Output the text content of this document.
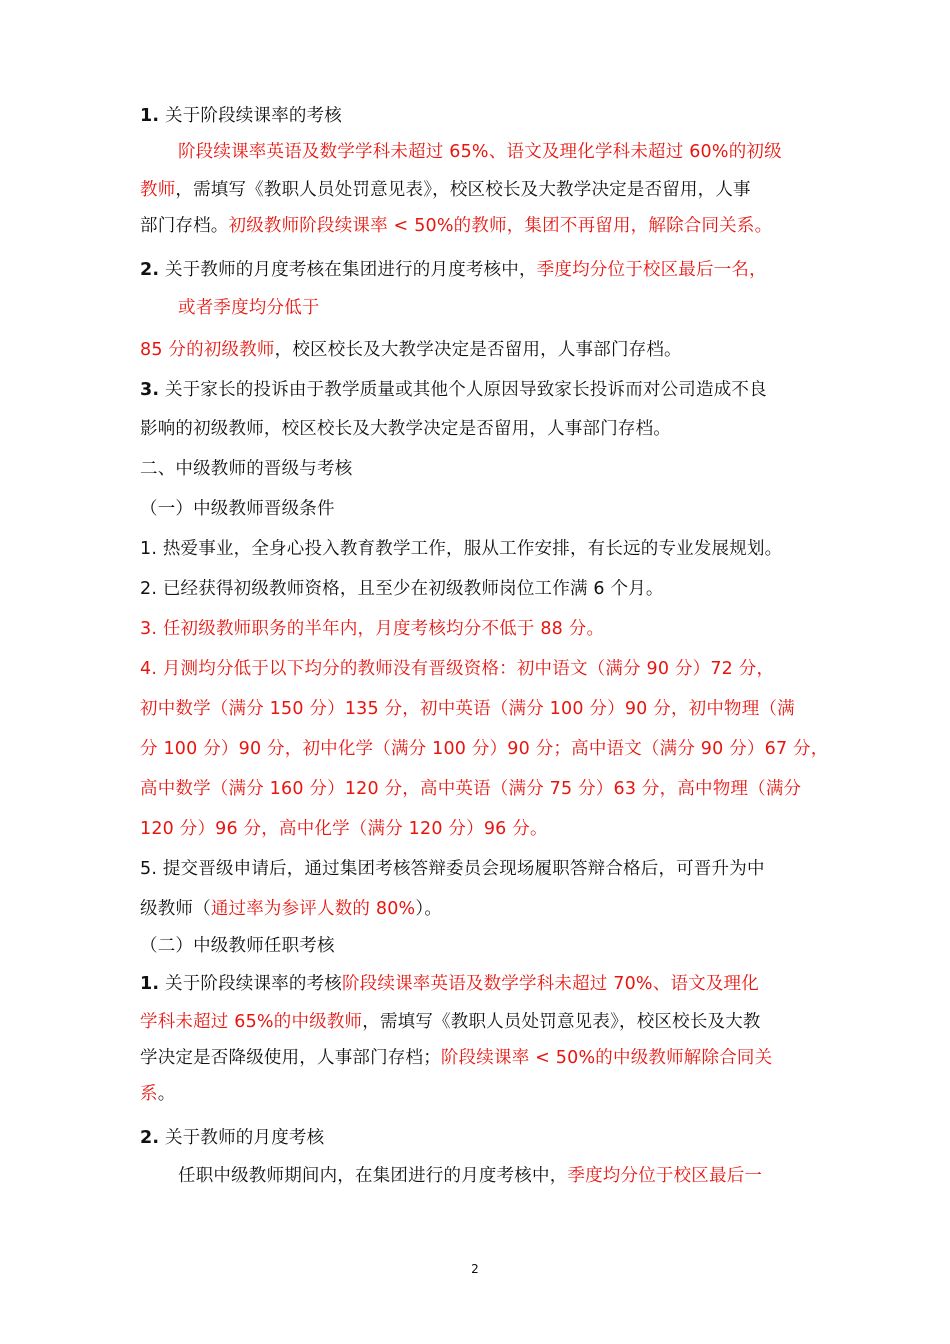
1. 关于阶段续课率的考核

阶段续课率英语及数学学科未超过 65%、语文及理化学科未超过 60%的初级

教师，需填写《教职人员处罚意见表》，校区校长及大教学决定是否留用，人事

部门存档。初级教师阶段续课率 < 50%的教师，集团不再留用，解除合同关系。

2. 关于教师的月度考核在集团进行的月度考核中，季度均分位于校区最后一名，

或者季度均分低于

85 分的初级教师，校区校长及大教学决定是否留用，人事部门存档。

3. 关于家长的投诉由于教学质量或其他个人原因导致家长投诉而对公司造成不良

影响的初级教师，校区校长及大教学决定是否留用，人事部门存档。

二、中级教师的晋级与考核

（一）中级教师晋级条件

1. 热爱事业，全身心投入教育教学工作，服从工作安排，有长远的专业发展规划。

2. 已经获得初级教师资格，且至少在初级教师岗位工作满 6 个月。

3. 任初级教师职务的半年内，月度考核均分不低于 88 分。

4. 月测均分低于以下均分的教师没有晋级资格：初中语文（满分 90 分）72 分，

初中数学（满分 150 分）135 分，初中英语（满分 100 分）90 分，初中物理（满

分 100 分）90 分，初中化学（满分 100 分）90 分；高中语文（满分 90 分）67 分，

高中数学（满分 160 分）120 分，高中英语（满分 75 分）63 分，高中物理（满分

120 分）96 分，高中化学（满分 120 分）96 分。

5. 提交晋级申请后，通过集团考核答辩委员会现场履职答辩合格后，可晋升为中

级教师（通过率为参评人数的 80%）。

（二）中级教师任职考核

1. 关于阶段续课率的考核阶段续课率英语及数学学科未超过 70%、语文及理化

学科未超过 65%的中级教师，需填写《教职人员处罚意见表》，校区校长及大教

学决定是否降级使用，人事部门存档；阶段续课率 < 50%的中级教师解除合同关

系。

2. 关于教师的月度考核

任职中级教师期间内，在集团进行的月度考核中，季度均分位于校区最后一

2
